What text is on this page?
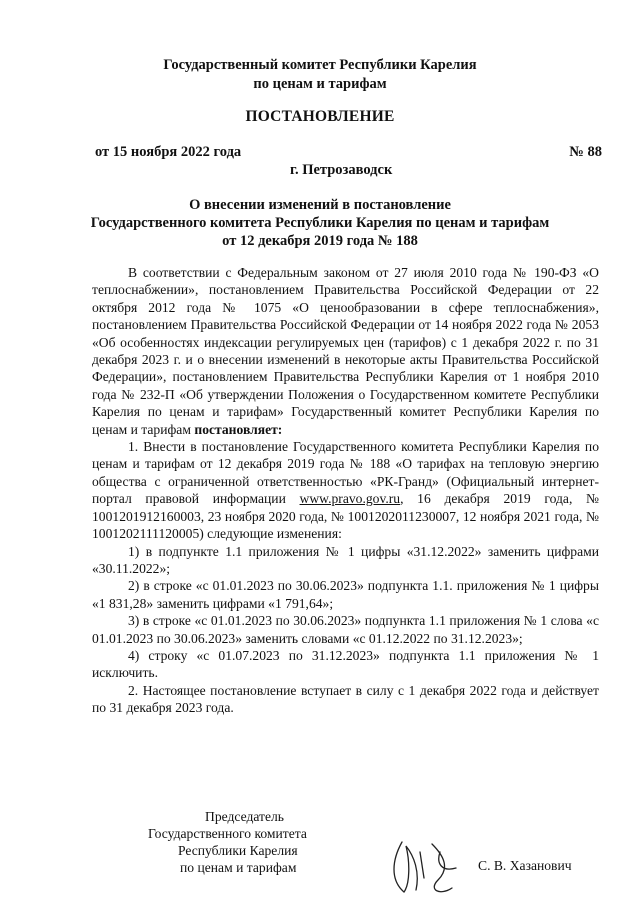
Государственный комитет Республики Карелия
по ценам и тарифам
ПОСТАНОВЛЕНИЕ
от 15 ноября 2022 года	№ 88
г. Петрозаводск
О внесении изменений в постановление
Государственного комитета Республики Карелия по ценам и тарифам
от 12 декабря 2019 года № 188

В соответствии с Федеральным законом от 27 июля 2010 года № 190-ФЗ «О теплоснабжении», постановлением Правительства Российской Федерации от 22 октября 2012 года № 1075 «О ценообразовании в сфере теплоснабжения», постановлением Правительства Российской Федерации от 14 ноября 2022 года № 2053 «Об особенностях индексации регулируемых цен (тарифов) с 1 декабря 2022 г. по 31 декабря 2023 г. и о внесении изменений в некоторые акты Правительства Российской Федерации», постановлением Правительства Республики Карелия от 1 ноября 2010 года № 232-П «Об утверждении Положения о Государственном комитете Республики Карелия по ценам и тарифам» Государственный комитет Республики Карелия по ценам и тарифам постановляет:

1. Внести в постановление Государственного комитета Республики Карелия по ценам и тарифам от 12 декабря 2019 года № 188 «О тарифах на тепловую энергию общества с ограниченной ответственностью «РК-Гранд» (Официальный интернет-портал правовой информации www.pravo.gov.ru, 16 декабря 2019 года, № 1001201912160003, 23 ноября 2020 года, № 1001202011230007, 12 ноября 2021 года, № 1001202111120005) следующие изменения:

1) в подпункте 1.1 приложения № 1 цифры «31.12.2022» заменить цифрами «30.11.2022»;

2) в строке «с 01.01.2023 по 30.06.2023» подпункта 1.1. приложения № 1 цифры «1 831,28» заменить цифрами «1 791,64»;

3) в строке «с 01.01.2023 по 30.06.2023» подпункта 1.1 приложения № 1 слова «с 01.01.2023 по 30.06.2023» заменить словами «с 01.12.2022 по 31.12.2023»;

4) строку «с 01.07.2023 по 31.12.2023» подпункта 1.1 приложения № 1 исключить.

2. Настоящее постановление вступает в силу с 1 декабря 2022 года и действует по 31 декабря 2023 года.

Председатель
Государственного комитета
Республики Карелия
по ценам и тарифам	С. В. Хазанович
